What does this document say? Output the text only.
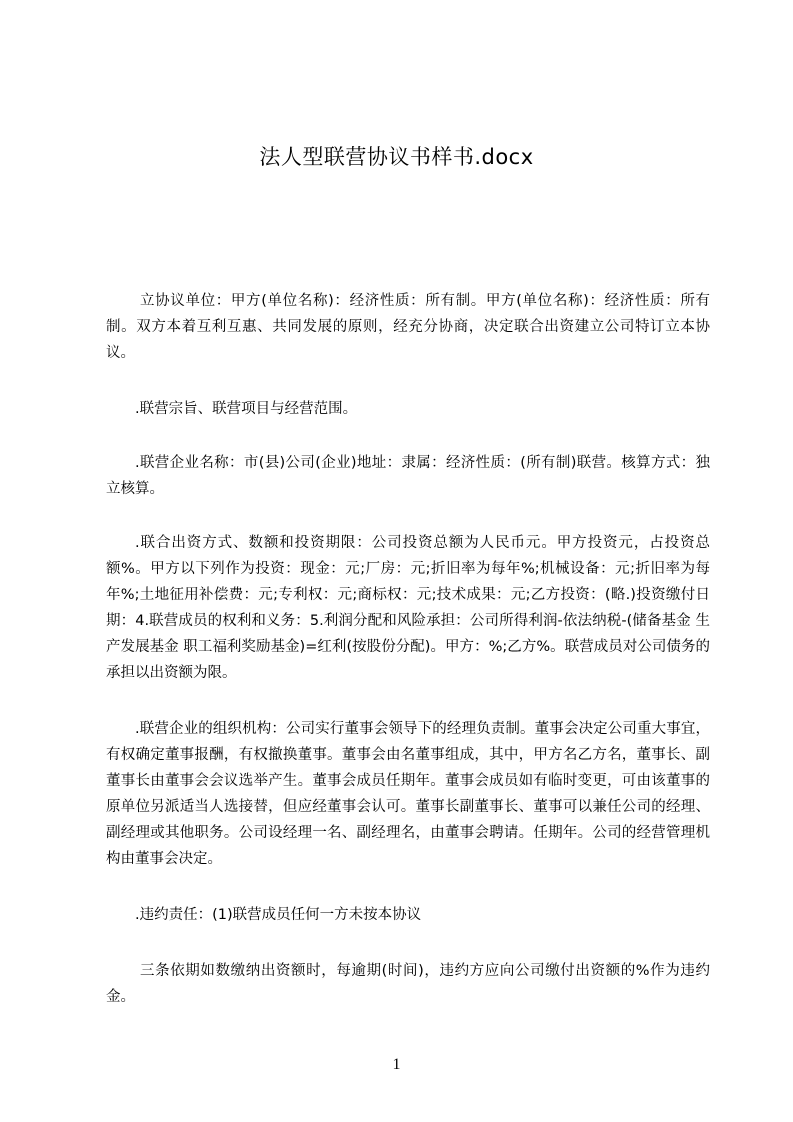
法人型联营协议书样书.docx

立协议单位：甲方(单位名称)：经济性质：所有制。甲方(单位名称)：经济性质：所有制。双方本着互利互惠、共同发展的原则，经充分协商，决定联合出资建立公司特订立本协议。

.联营宗旨、联营项目与经营范围。

.联营企业名称：市(县)公司(企业)地址：隶属：经济性质：(所有制)联营。核算方式：独立核算。

.联合出资方式、数额和投资期限：公司投资总额为人民币元。甲方投资元，占投资总额%。甲方以下列作为投资：现金：元;厂房：元;折旧率为每年%;机械设备：元;折旧率为每年%;土地征用补偿费：元;专利权：元;商标权：元;技术成果：元;乙方投资：(略.)投资缴付日期：4.联营成员的权利和义务：5.利润分配和风险承担：公司所得利润-依法纳税-(储备基金 生产发展基金 职工福利奖励基金)=红利(按股份分配)。甲方：%;乙方%。联营成员对公司债务的承担以出资额为限。

.联营企业的组织机构：公司实行董事会领导下的经理负责制。董事会决定公司重大事宜，有权确定董事报酬，有权撤换董事。董事会由名董事组成，其中，甲方名乙方名，董事长、副董事长由董事会会议选举产生。董事会成员任期年。董事会成员如有临时变更，可由该董事的原单位另派适当人选接替，但应经董事会认可。董事长副董事长、董事可以兼任公司的经理、副经理或其他职务。公司设经理一名、副经理名，由董事会聘请。任期年。公司的经营管理机构由董事会决定。

.违约责任：(1)联营成员任何一方未按本协议

三条依期如数缴纳出资额时，每逾期(时间)，违约方应向公司缴付出资额的%作为违约金。

1
